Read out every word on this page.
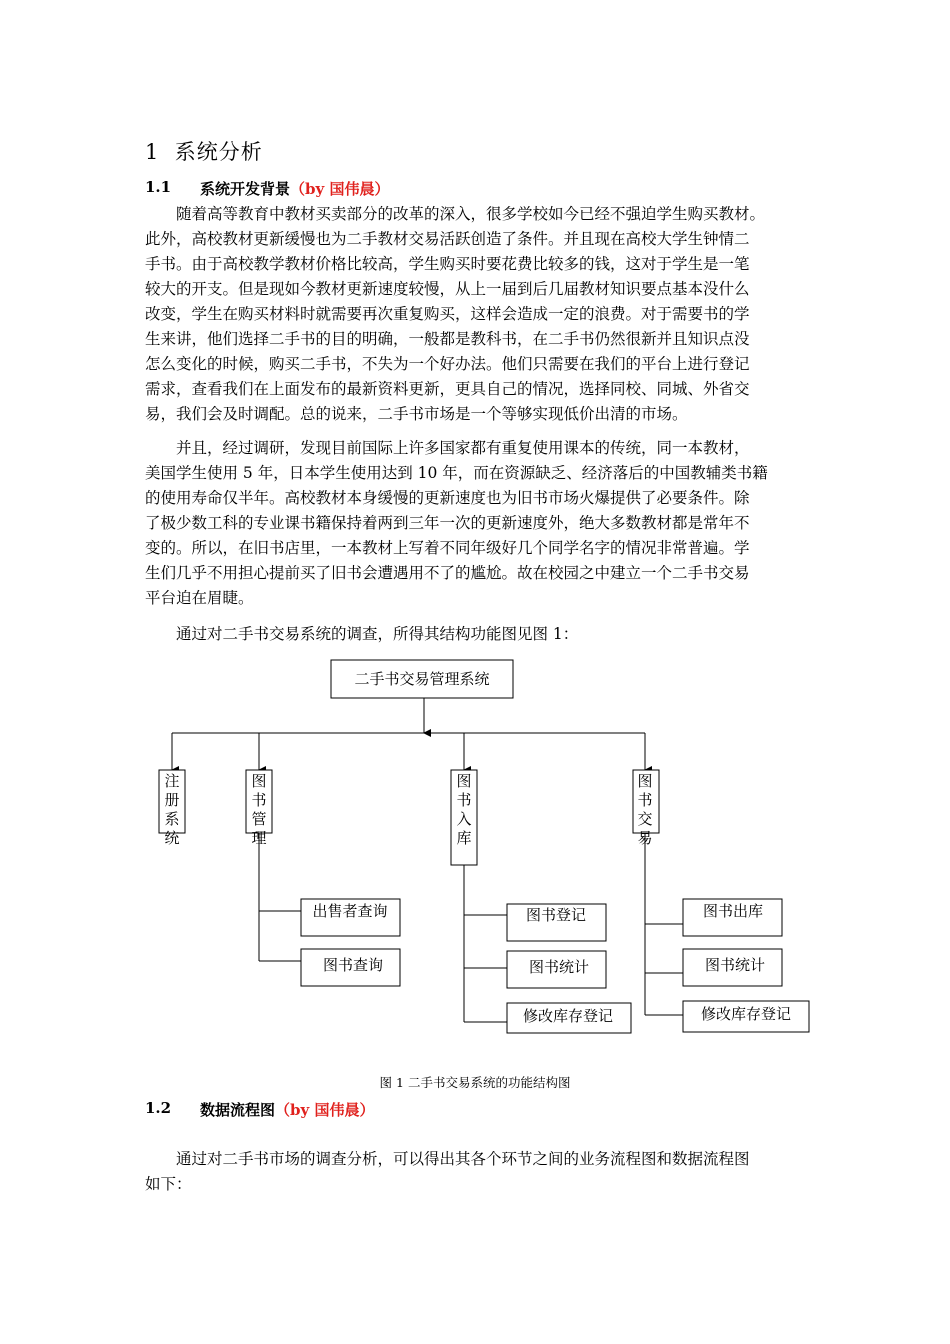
1 系统分析
1.1 系统开发背景（by 国伟晨）
随着高等教育中教材买卖部分的改革的深入，很多学校如今已经不强迫学生购买教材。
此外，高校教材更新缓慢也为二手教材交易活跃创造了条件。并且现在高校大学生钟情二
手书。由于高校教学教材价格比较高，学生购买时要花费比较多的钱，这对于学生是一笔
较大的开支。但是现如今教材更新速度较慢，从上一届到后几届教材知识要点基本没什么
改变，学生在购买材料时就需要再次重复购买，这样会造成一定的浪费。对于需要书的学
生来讲，他们选择二手书的目的明确，一般都是教科书，在二手书仍然很新并且知识点没
怎么变化的时候，购买二手书，不失为一个好办法。他们只需要在我们的平台上进行登记
需求，查看我们在上面发布的最新资料更新，更具自己的情况，选择同校、同城、外省交
易，我们会及时调配。总的说来，二手书市场是一个等够实现低价出清的市场。
并且，经过调研，发现目前国际上许多国家都有重复使用课本的传统，同一本教材，
美国学生使用 5 年，日本学生使用达到 10 年，而在资源缺乏、经济落后的中国教辅类书籍
的使用寿命仅半年。高校教材本身缓慢的更新速度也为旧书市场火爆提供了必要条件。除
了极少数工科的专业课书籍保持着两到三年一次的更新速度外，绝大多数教材都是常年不
变的。所以，在旧书店里，一本教材上写着不同年级好几个同学名字的情况非常普遍。学
生们几乎不用担心提前买了旧书会遭遇用不了的尴尬。故在校园之中建立一个二手书交易
平台迫在眉睫。
通过对二手书交易系统的调查，所得其结构功能图见图 1：
二手书交易管理系统
注册系统
图书管理
图书入库
图书交易
出售者查询
图书查询
图书登记
图书统计
修改库存登记
图书出库
图书统计
修改库存登记
图 1 二手书交易系统的功能结构图
1.2 数据流程图（by 国伟晨）
通过对二手书市场的调查分析，可以得出其各个环节之间的业务流程图和数据流程图
如下：
